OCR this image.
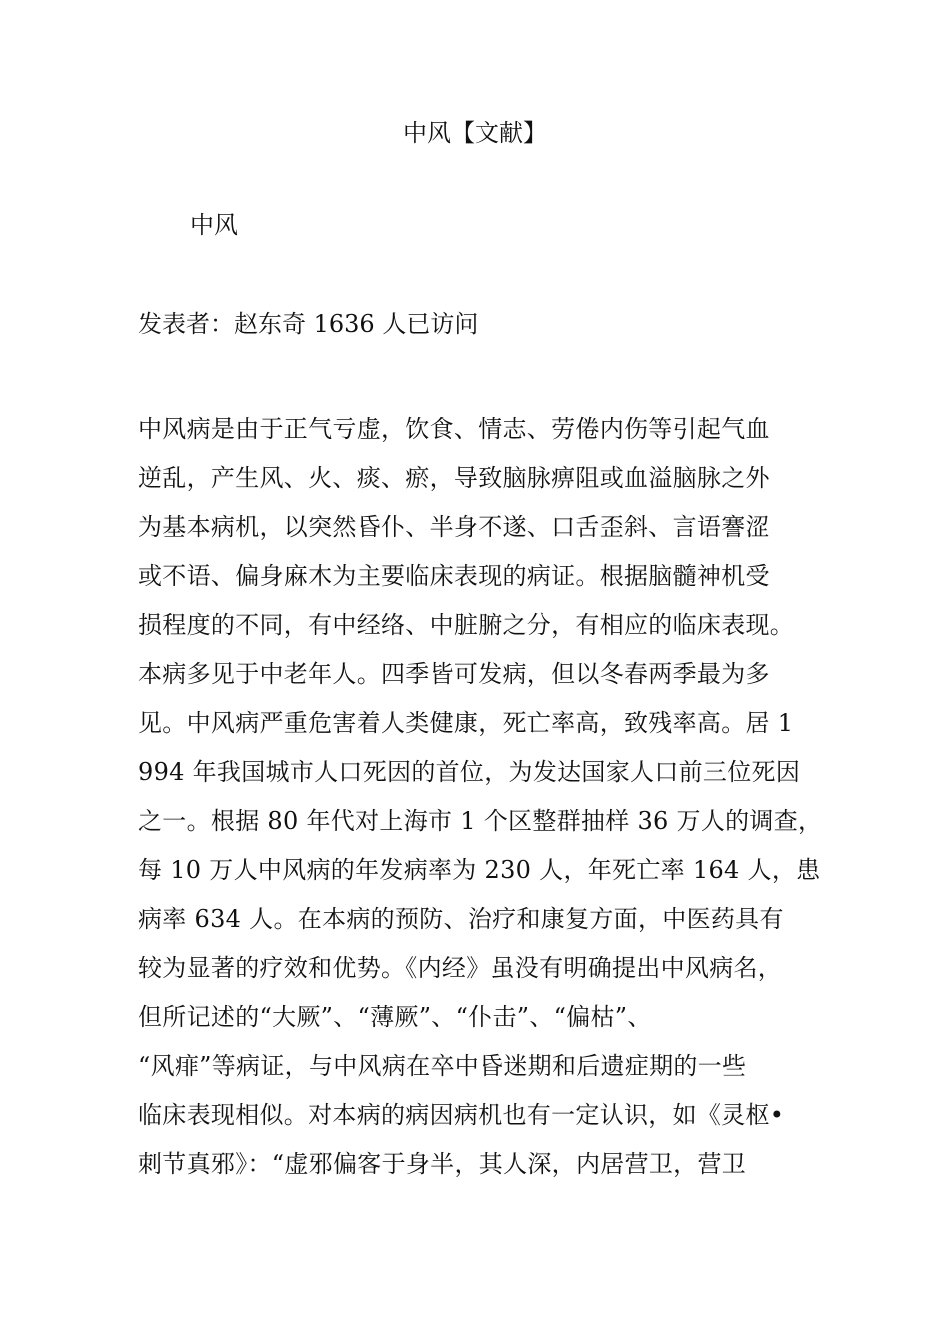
中风【文献】

中风

发表者：赵东奇 1636 人已访问

中风病是由于正气亏虚，饮食、情志、劳倦内伤等引起气血
逆乱，产生风、火、痰、瘀，导致脑脉痹阻或血溢脑脉之外
为基本病机，以突然昏仆、半身不遂、口舌歪斜、言语謇涩
或不语、偏身麻木为主要临床表现的病证。根据脑髓神机受
损程度的不同，有中经络、中脏腑之分，有相应的临床表现。
本病多见于中老年人。四季皆可发病，但以冬春两季最为多
见。中风病严重危害着人类健康，死亡率高，致残率高。居 1
994 年我国城市人口死因的首位，为发达国家人口前三位死因
之一。根据 80 年代对上海市 1 个区整群抽样 36 万人的调查，
每 10 万人中风病的年发病率为 230 人，年死亡率 164 人，患
病率 634 人。在本病的预防、治疗和康复方面，中医药具有
较为显著的疗效和优势。《内经》虽没有明确提出中风病名，
但所记述的“大厥”、“薄厥”、“仆击”、“偏枯”、
“风痱”等病证，与中风病在卒中昏迷期和后遗症期的一些
临床表现相似。对本病的病因病机也有一定认识，如《灵枢•
刺节真邪》：“虚邪偏客于身半，其人深，内居营卫，营卫
